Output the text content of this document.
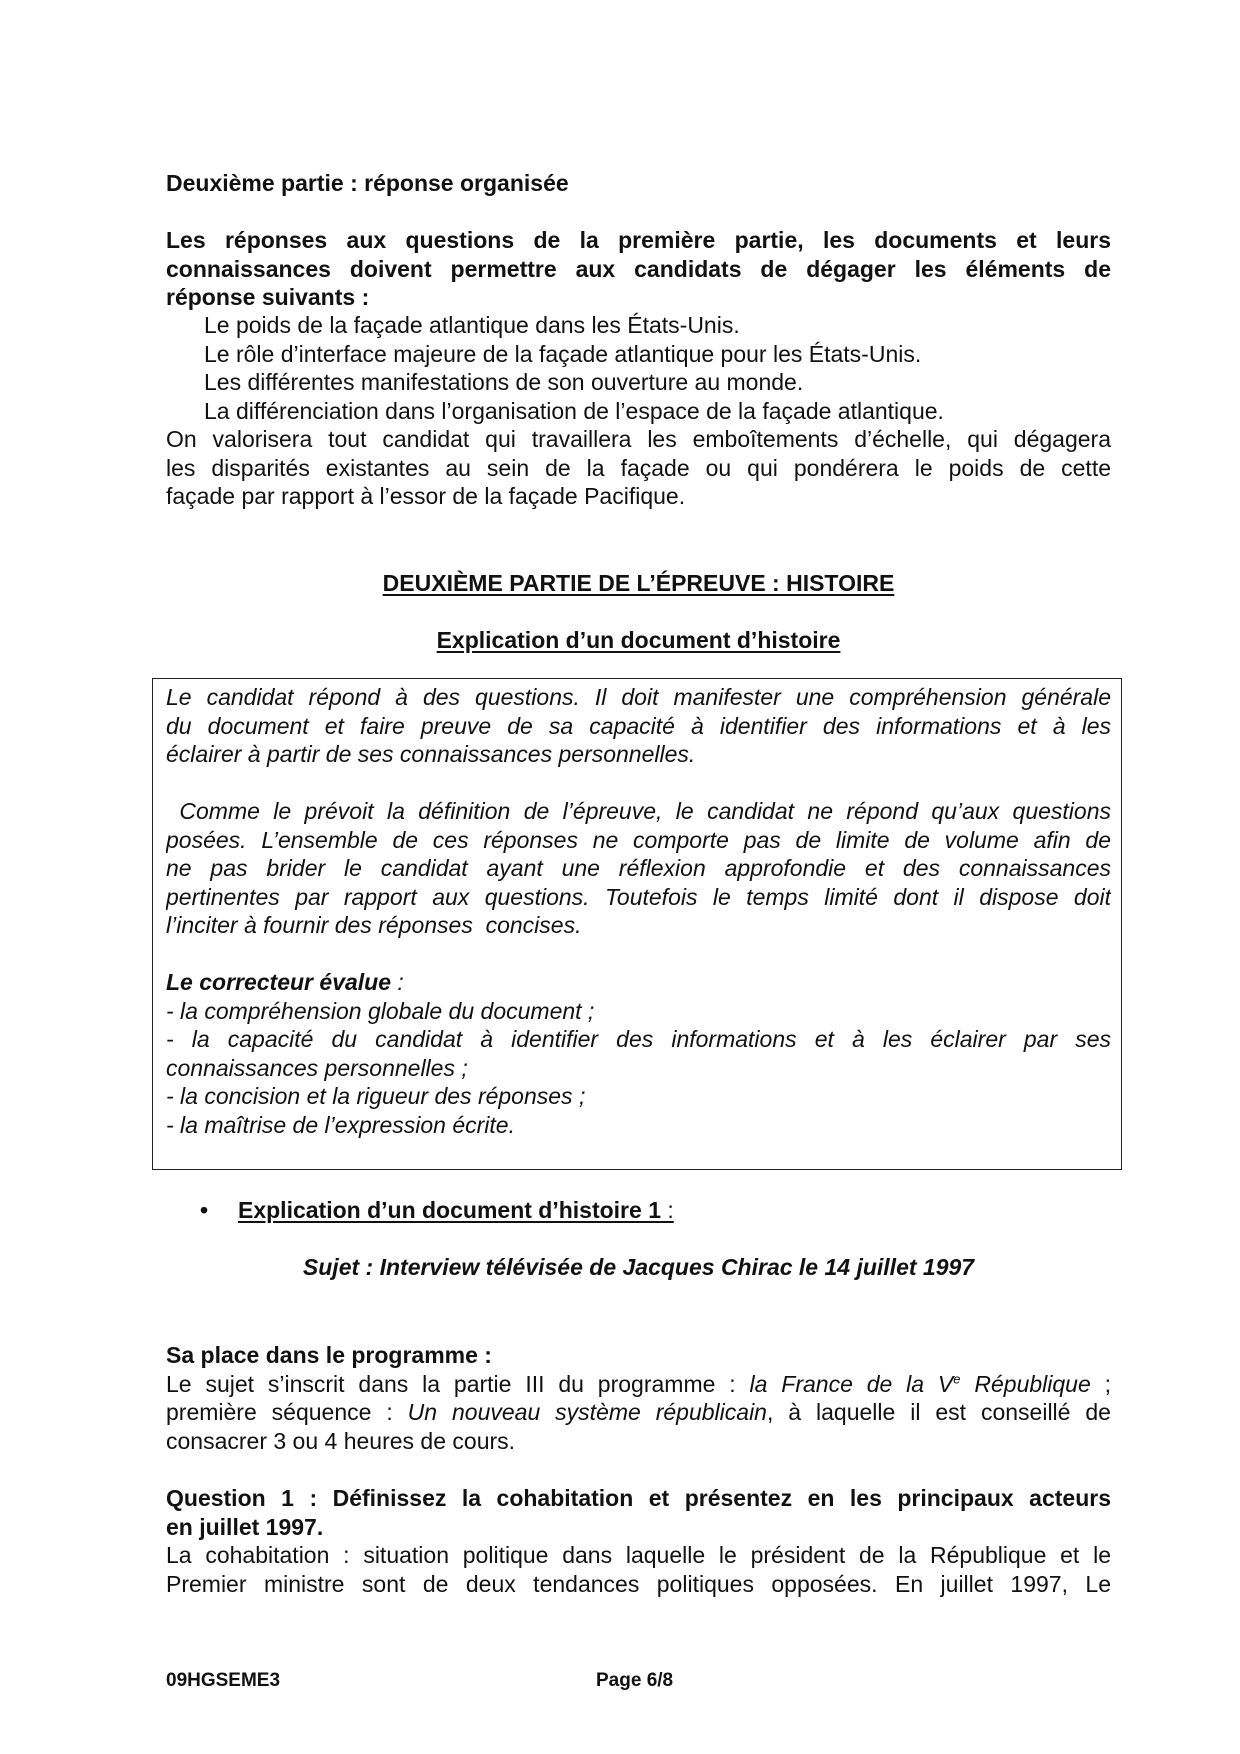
Deuxième partie : réponse organisée
Les réponses aux questions de la première partie, les documents et leurs
connaissances doivent permettre aux candidats de dégager les éléments de
réponse suivants :
Le poids de la façade atlantique dans les États-Unis.
Le rôle d’interface majeure de la façade atlantique pour les États-Unis.
Les différentes manifestations de son ouverture au monde.
La différenciation dans l’organisation de l’espace de la façade atlantique.
On valorisera tout candidat qui travaillera les emboîtements d’échelle, qui dégagera
les disparités existantes au sein de la façade ou qui pondérera le poids de cette
façade par rapport à l’essor de la façade Pacifique.
DEUXIÈME PARTIE DE L’ÉPREUVE : HISTOIRE
Explication d’un document d’histoire
Le candidat répond à des questions. Il doit manifester une compréhension générale
du document et faire preuve de sa capacité à identifier des informations et à les
éclairer à partir de ses connaissances personnelles.
Comme le prévoit la définition de l’épreuve, le candidat ne répond qu’aux questions
posées. L’ensemble de ces réponses ne comporte pas de limite de volume afin de
ne pas brider le candidat ayant une réflexion approfondie et des connaissances
pertinentes par rapport aux questions. Toutefois le temps limité dont il dispose doit
l’inciter à fournir des réponses  concises.
Le correcteur évalue :
- la compréhension globale du document ;
- la capacité du candidat à identifier des informations et à les éclairer par ses
connaissances personnelles ;
- la concision et la rigueur des réponses ;
- la maîtrise de l’expression écrite.
• Explication d’un document d’histoire 1 :
Sujet : Interview télévisée de Jacques Chirac le 14 juillet 1997
Sa place dans le programme :
Le sujet s’inscrit dans la partie III du programme : la France de la Ve République ;
première séquence : Un nouveau système républicain, à laquelle il est conseillé de
consacrer 3 ou 4 heures de cours.
Question 1 : Définissez la cohabitation et présentez en les principaux acteurs
en juillet 1997.
La cohabitation : situation politique dans laquelle le président de la République et le
Premier ministre sont de deux tendances politiques opposées. En juillet 1997, Le
09HGSEME3	Page 6/8
